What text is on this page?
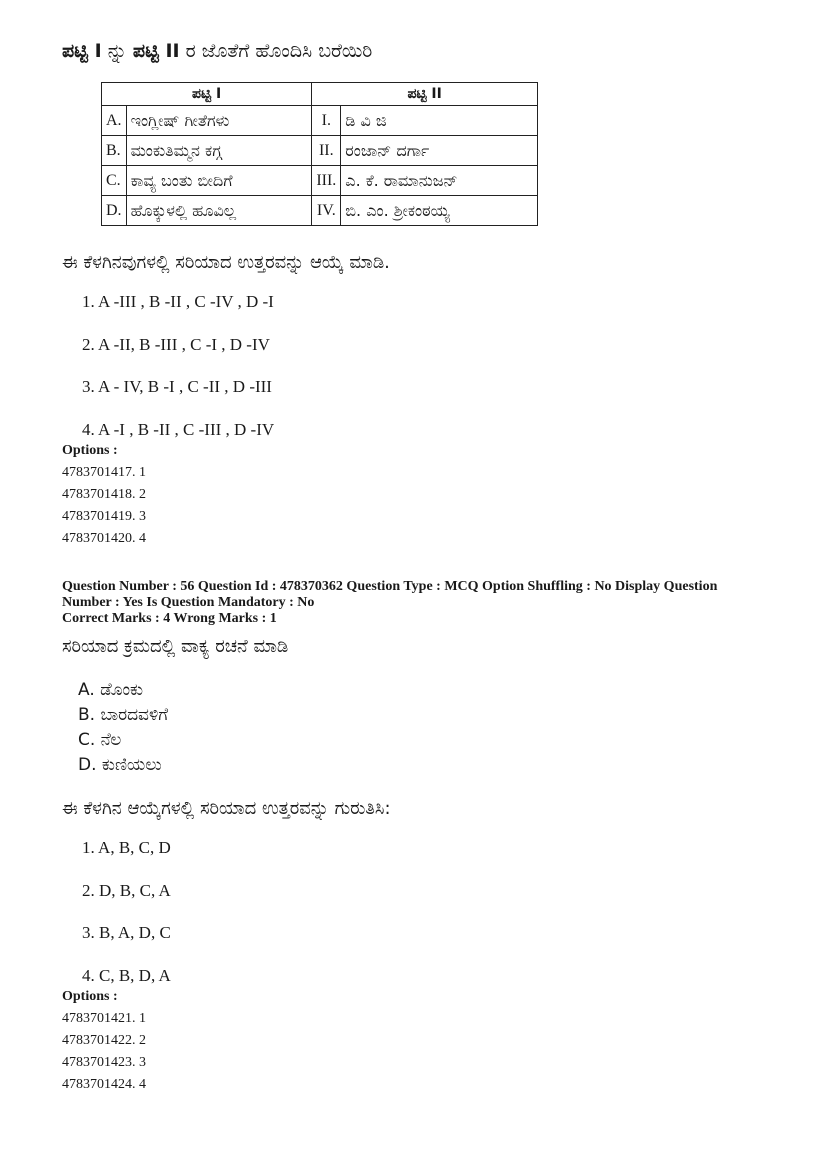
ಪಟ್ಟಿ I ನ್ನು ಪಟ್ಟಿ II ರ ಜೊತೆಗೆ ಹೊಂದಿಸಿ ಬರೆಯಿರಿ
ಪಟ್ಟಿ I		ಪಟ್ಟಿ II	
A.	ಇಂಗ್ಲೀಷ್ ಗೀತೆಗಳು	I.	ಡಿ ವಿ ಜಿ
B.	ಮಂಕುತಿಮ್ಮನ ಕಗ್ಗ	II.	ರಂಜಾನ್ ದರ್ಗಾ
C.	ಕಾವ್ಯ ಬಂತು ಬೀದಿಗೆ	III.	ಎ. ಕೆ. ರಾಮಾನುಜನ್
D.	ಹೊಕ್ಕುಳಲ್ಲಿ ಹೂವಿಲ್ಲ	IV.	ಬಿ. ಎಂ. ಶ್ರೀಕಂಠಯ್ಯ
ಈ ಕೆಳಗಿನವುಗಳಲ್ಲಿ ಸರಿಯಾದ ಉತ್ತರವನ್ನು ಆಯ್ಕೆ ಮಾಡಿ.
1. A -III , B -II , C -IV , D -I
2. A -II, B -III , C -I , D -IV
3. A - IV, B -I , C -II , D -III
4. A -I , B -II , C -III , D -IV
Options :
4783701417. 1
4783701418. 2
4783701419. 3
4783701420. 4
Question Number : 56 Question Id : 478370362 Question Type : MCQ Option Shuffling : No Display Question
Number : Yes Is Question Mandatory : No
Correct Marks : 4 Wrong Marks : 1
ಸರಿಯಾದ ಕ್ರಮದಲ್ಲಿ ವಾಕ್ಯ ರಚನೆ ಮಾಡಿ
A. ಡೊಂಕು
B. ಬಾರದವಳಿಗೆ
C. ನೆಲ
D. ಕುಣಿಯಲು
ಈ ಕೆಳಗಿನ ಆಯ್ಕೆಗಳಲ್ಲಿ ಸರಿಯಾದ ಉತ್ತರವನ್ನು ಗುರುತಿಸಿ:
1. A, B, C, D
2. D, B, C, A
3. B, A, D, C
4. C, B, D, A
Options :
4783701421. 1
4783701422. 2
4783701423. 3
4783701424. 4
